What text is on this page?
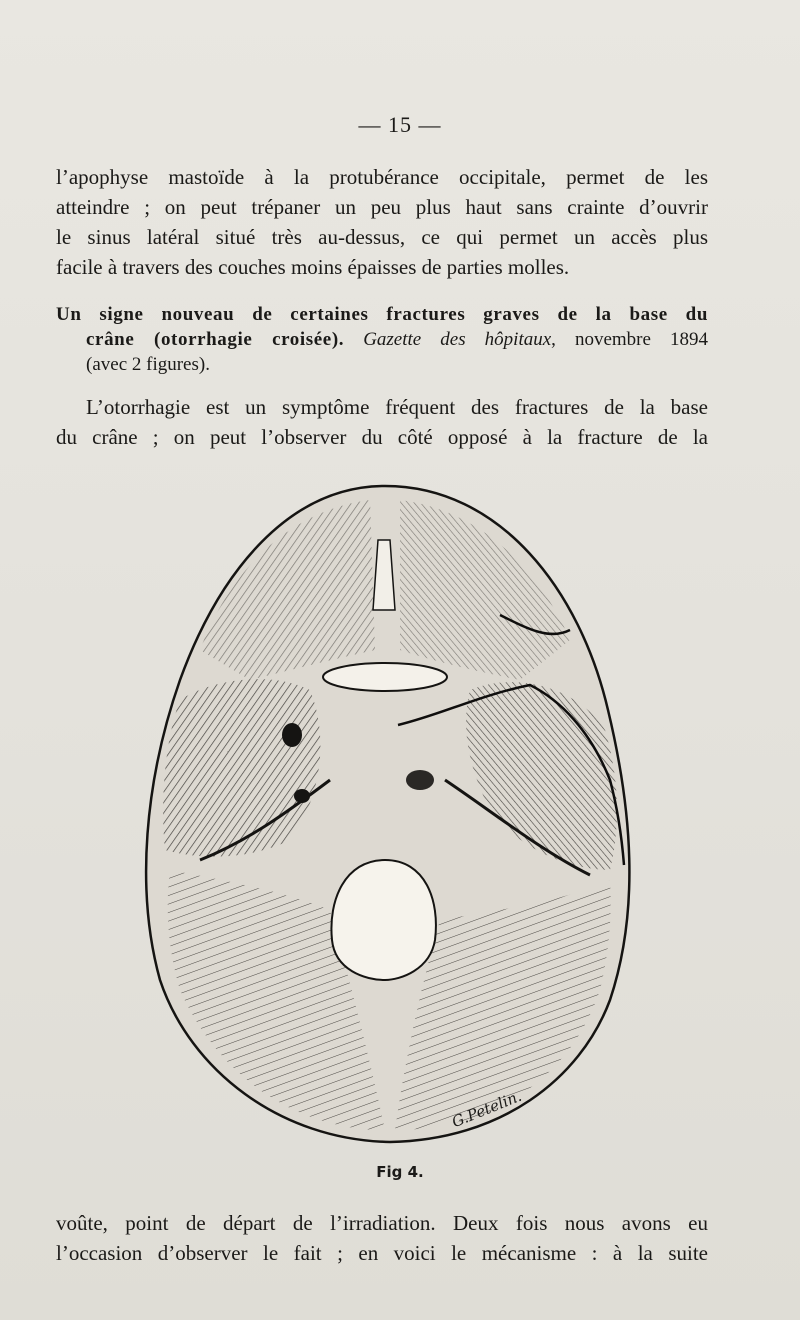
— 15 —
l’apophyse mastoïde à la protubérance occipitale, permet de les
atteindre ; on peut trépaner un peu plus haut sans crainte d’ouvrir
le sinus latéral situé très au-dessus, ce qui permet un accès plus
facile à travers des couches moins épaisses de parties molles.
Un signe nouveau de certaines fractures graves de la base du
crâne (otorrhagie croisée). Gazette des hôpitaux, novembre 1894
(avec 2 figures).
L’otorrhagie est un symptôme fréquent des fractures de la base
du crâne ; on peut l’observer du côté opposé à la fracture de la
G.Petelin.
Fig 4.
voûte, point de départ de l’irradiation. Deux fois nous avons eu
l’occasion d’observer le fait ; en voici le mécanisme : à la suite
